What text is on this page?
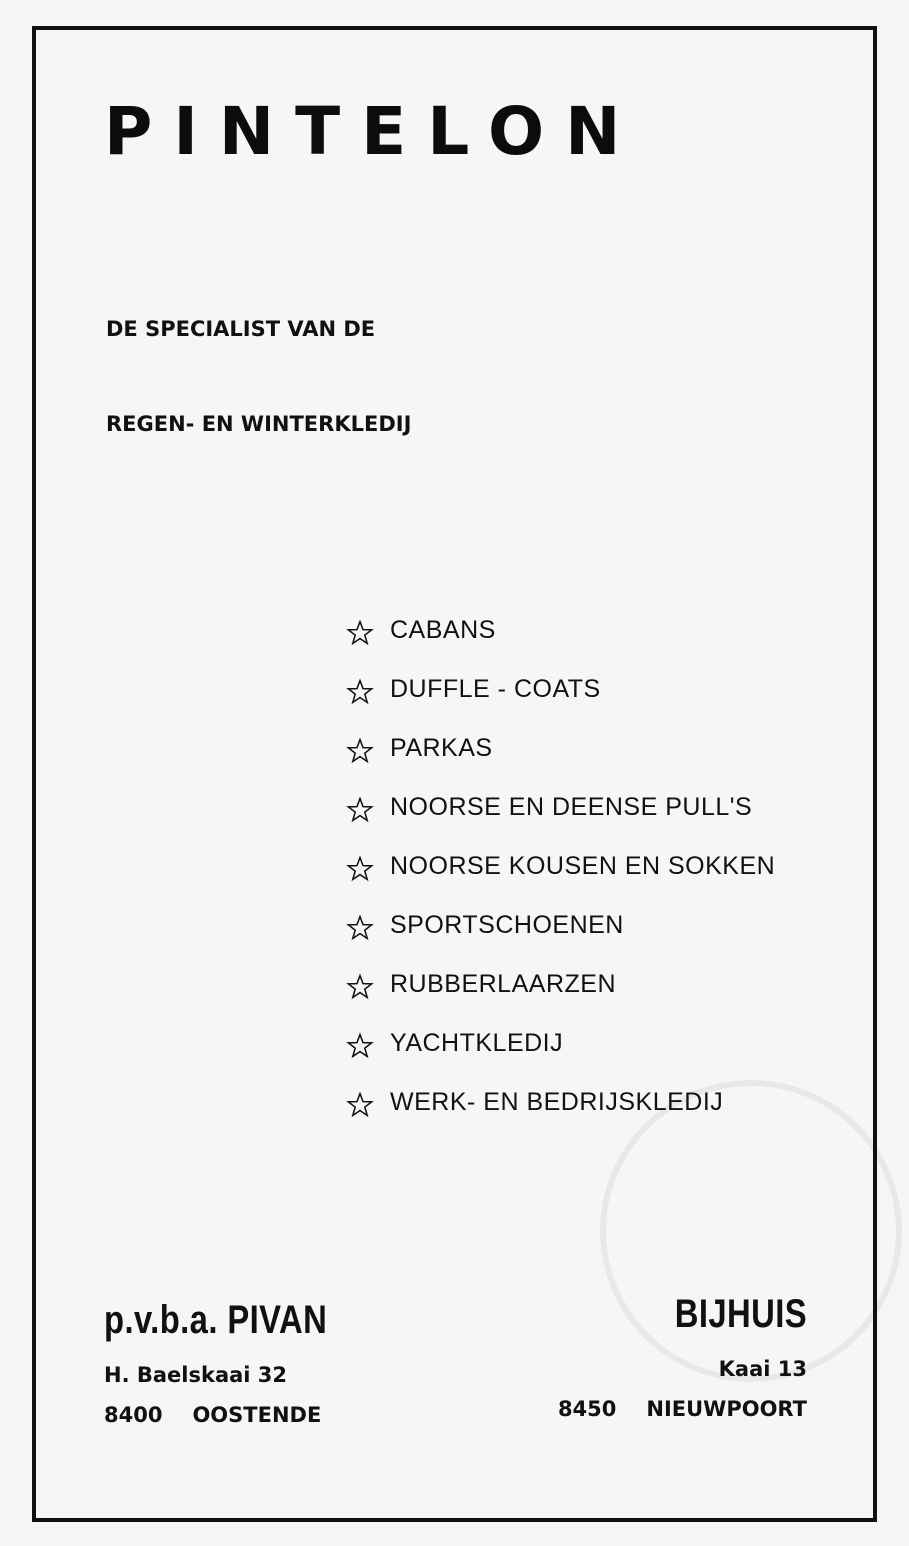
PINTELON
DE SPECIALIST VAN DE
REGEN- EN WINTERKLEDIJ
CABANS
DUFFLE - COATS
PARKAS
NOORSE EN DEENSE PULL'S
NOORSE KOUSEN EN SOKKEN
SPORTSCHOENEN
RUBBERLAARZEN
YACHTKLEDIJ
WERK- EN BEDRIJSKLEDIJ
p.v.b.a. PIVAN
H. Baelskaai 32
8400 OOSTENDE
BIJHUIS
Kaai 13
8450 NIEUWPOORT
